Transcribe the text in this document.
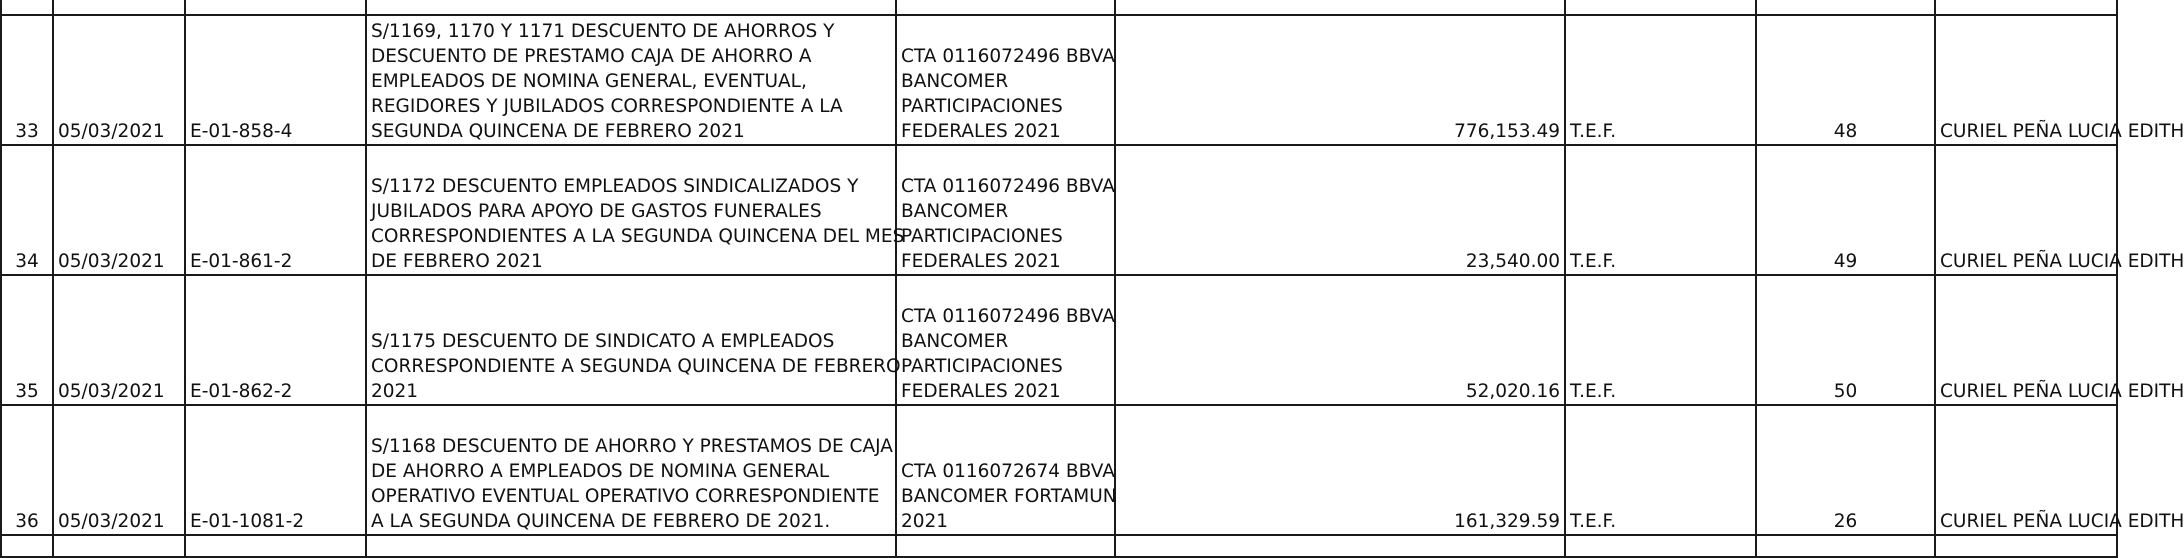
33	05/03/2021	E-01-858-4	S/1169, 1170 Y 1171 DESCUENTO DE AHORROS Y
DESCUENTO DE PRESTAMO CAJA DE AHORRO A
EMPLEADOS DE NOMINA GENERAL, EVENTUAL,
REGIDORES Y JUBILADOS CORRESPONDIENTE A LA
SEGUNDA QUINCENA DE FEBRERO 2021	CTA 0116072496 BBVA
BANCOMER
PARTICIPACIONES
FEDERALES 2021	776,153.49	T.E.F.	48	CURIEL PEÑA LUCIA EDITH
34	05/03/2021	E-01-861-2	S/1172 DESCUENTO EMPLEADOS SINDICALIZADOS Y
JUBILADOS PARA APOYO DE GASTOS FUNERALES
CORRESPONDIENTES A LA SEGUNDA QUINCENA DEL MES
DE FEBRERO 2021	CTA 0116072496 BBVA
BANCOMER
PARTICIPACIONES
FEDERALES 2021	23,540.00	T.E.F.	49	CURIEL PEÑA LUCIA EDITH
35	05/03/2021	E-01-862-2	S/1175 DESCUENTO DE SINDICATO A EMPLEADOS
CORRESPONDIENTE A SEGUNDA QUINCENA DE FEBRERO
2021	CTA 0116072496 BBVA
BANCOMER
PARTICIPACIONES
FEDERALES 2021	52,020.16	T.E.F.	50	CURIEL PEÑA LUCIA EDITH
36	05/03/2021	E-01-1081-2	S/1168 DESCUENTO DE AHORRO Y PRESTAMOS DE CAJA
DE AHORRO A EMPLEADOS DE NOMINA GENERAL
OPERATIVO EVENTUAL OPERATIVO CORRESPONDIENTE
A LA SEGUNDA QUINCENA DE FEBRERO DE 2021.	CTA 0116072674 BBVA
BANCOMER FORTAMUN
2021	161,329.59	T.E.F.	26	CURIEL PEÑA LUCIA EDITH
